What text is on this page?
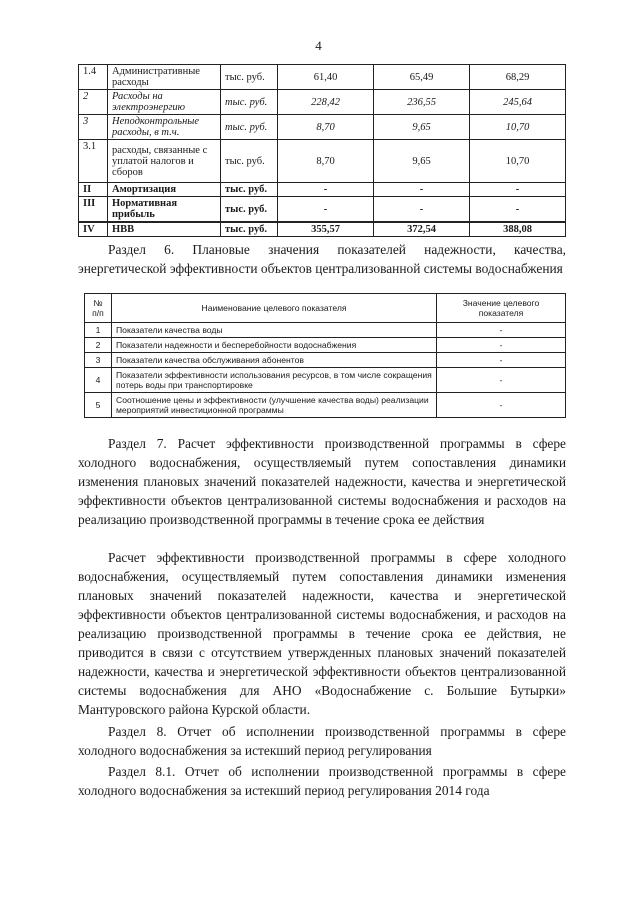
4
1.4	Административные расходы	тыс. руб.	61,40	65,49	68,29
2	Расходы на электроэнергию	тыс. руб.	228,42	236,55	245,64
3	Неподконтрольные расходы, в т.ч.	тыс. руб.	8,70	9,65	10,70
3.1	расходы, связанные с уплатой налогов и сборов	тыс. руб.	8,70	9,65	10,70
II	Амортизация	тыс. руб.	-	-	-
III	Нормативная прибыль	тыс. руб.	-	-	-
IV	НВВ	тыс. руб.	355,57	372,54	388,08
Раздел 6. Плановые значения показателей надежности, качества, энергетической эффективности объектов централизованной системы водоснабжения
№ п/п	Наименование целевого показателя	Значение целевого показателя
1	Показатели качества воды	-
2	Показатели надежности и бесперебойности водоснабжения	-
3	Показатели качества обслуживания абонентов	-
4	Показатели эффективности использования ресурсов, в том числе сокращения потерь воды при транспортировке	-
5	Соотношение цены и эффективности (улучшение качества воды) реализации мероприятий инвестиционной программы	-
Раздел 7. Расчет эффективности производственной программы в сфере холодного водоснабжения, осуществляемый путем сопоставления динамики изменения плановых значений показателей надежности, качества и энергетической эффективности объектов централизованной системы водоснабжения и расходов на реализацию производственной программы в течение срока ее действия
Расчет эффективности производственной программы в сфере холодного водоснабжения, осуществляемый путем сопоставления динамики изменения плановых значений показателей надежности, качества и энергетической эффективности объектов централизованной системы водоснабжения, и расходов на реализацию производственной программы в течение срока ее действия, не приводится в связи с отсутствием утвержденных плановых значений показателей надежности, качества и энергетической эффективности объектов централизованной системы водоснабжения для АНО «Водоснабжение с. Большие Бутырки» Мантуровского района Курской области.
Раздел 8. Отчет об исполнении производственной программы в сфере холодного водоснабжения за истекший период регулирования
Раздел 8.1. Отчет об исполнении производственной программы в сфере холодного водоснабжения за истекший период регулирования 2014 года
